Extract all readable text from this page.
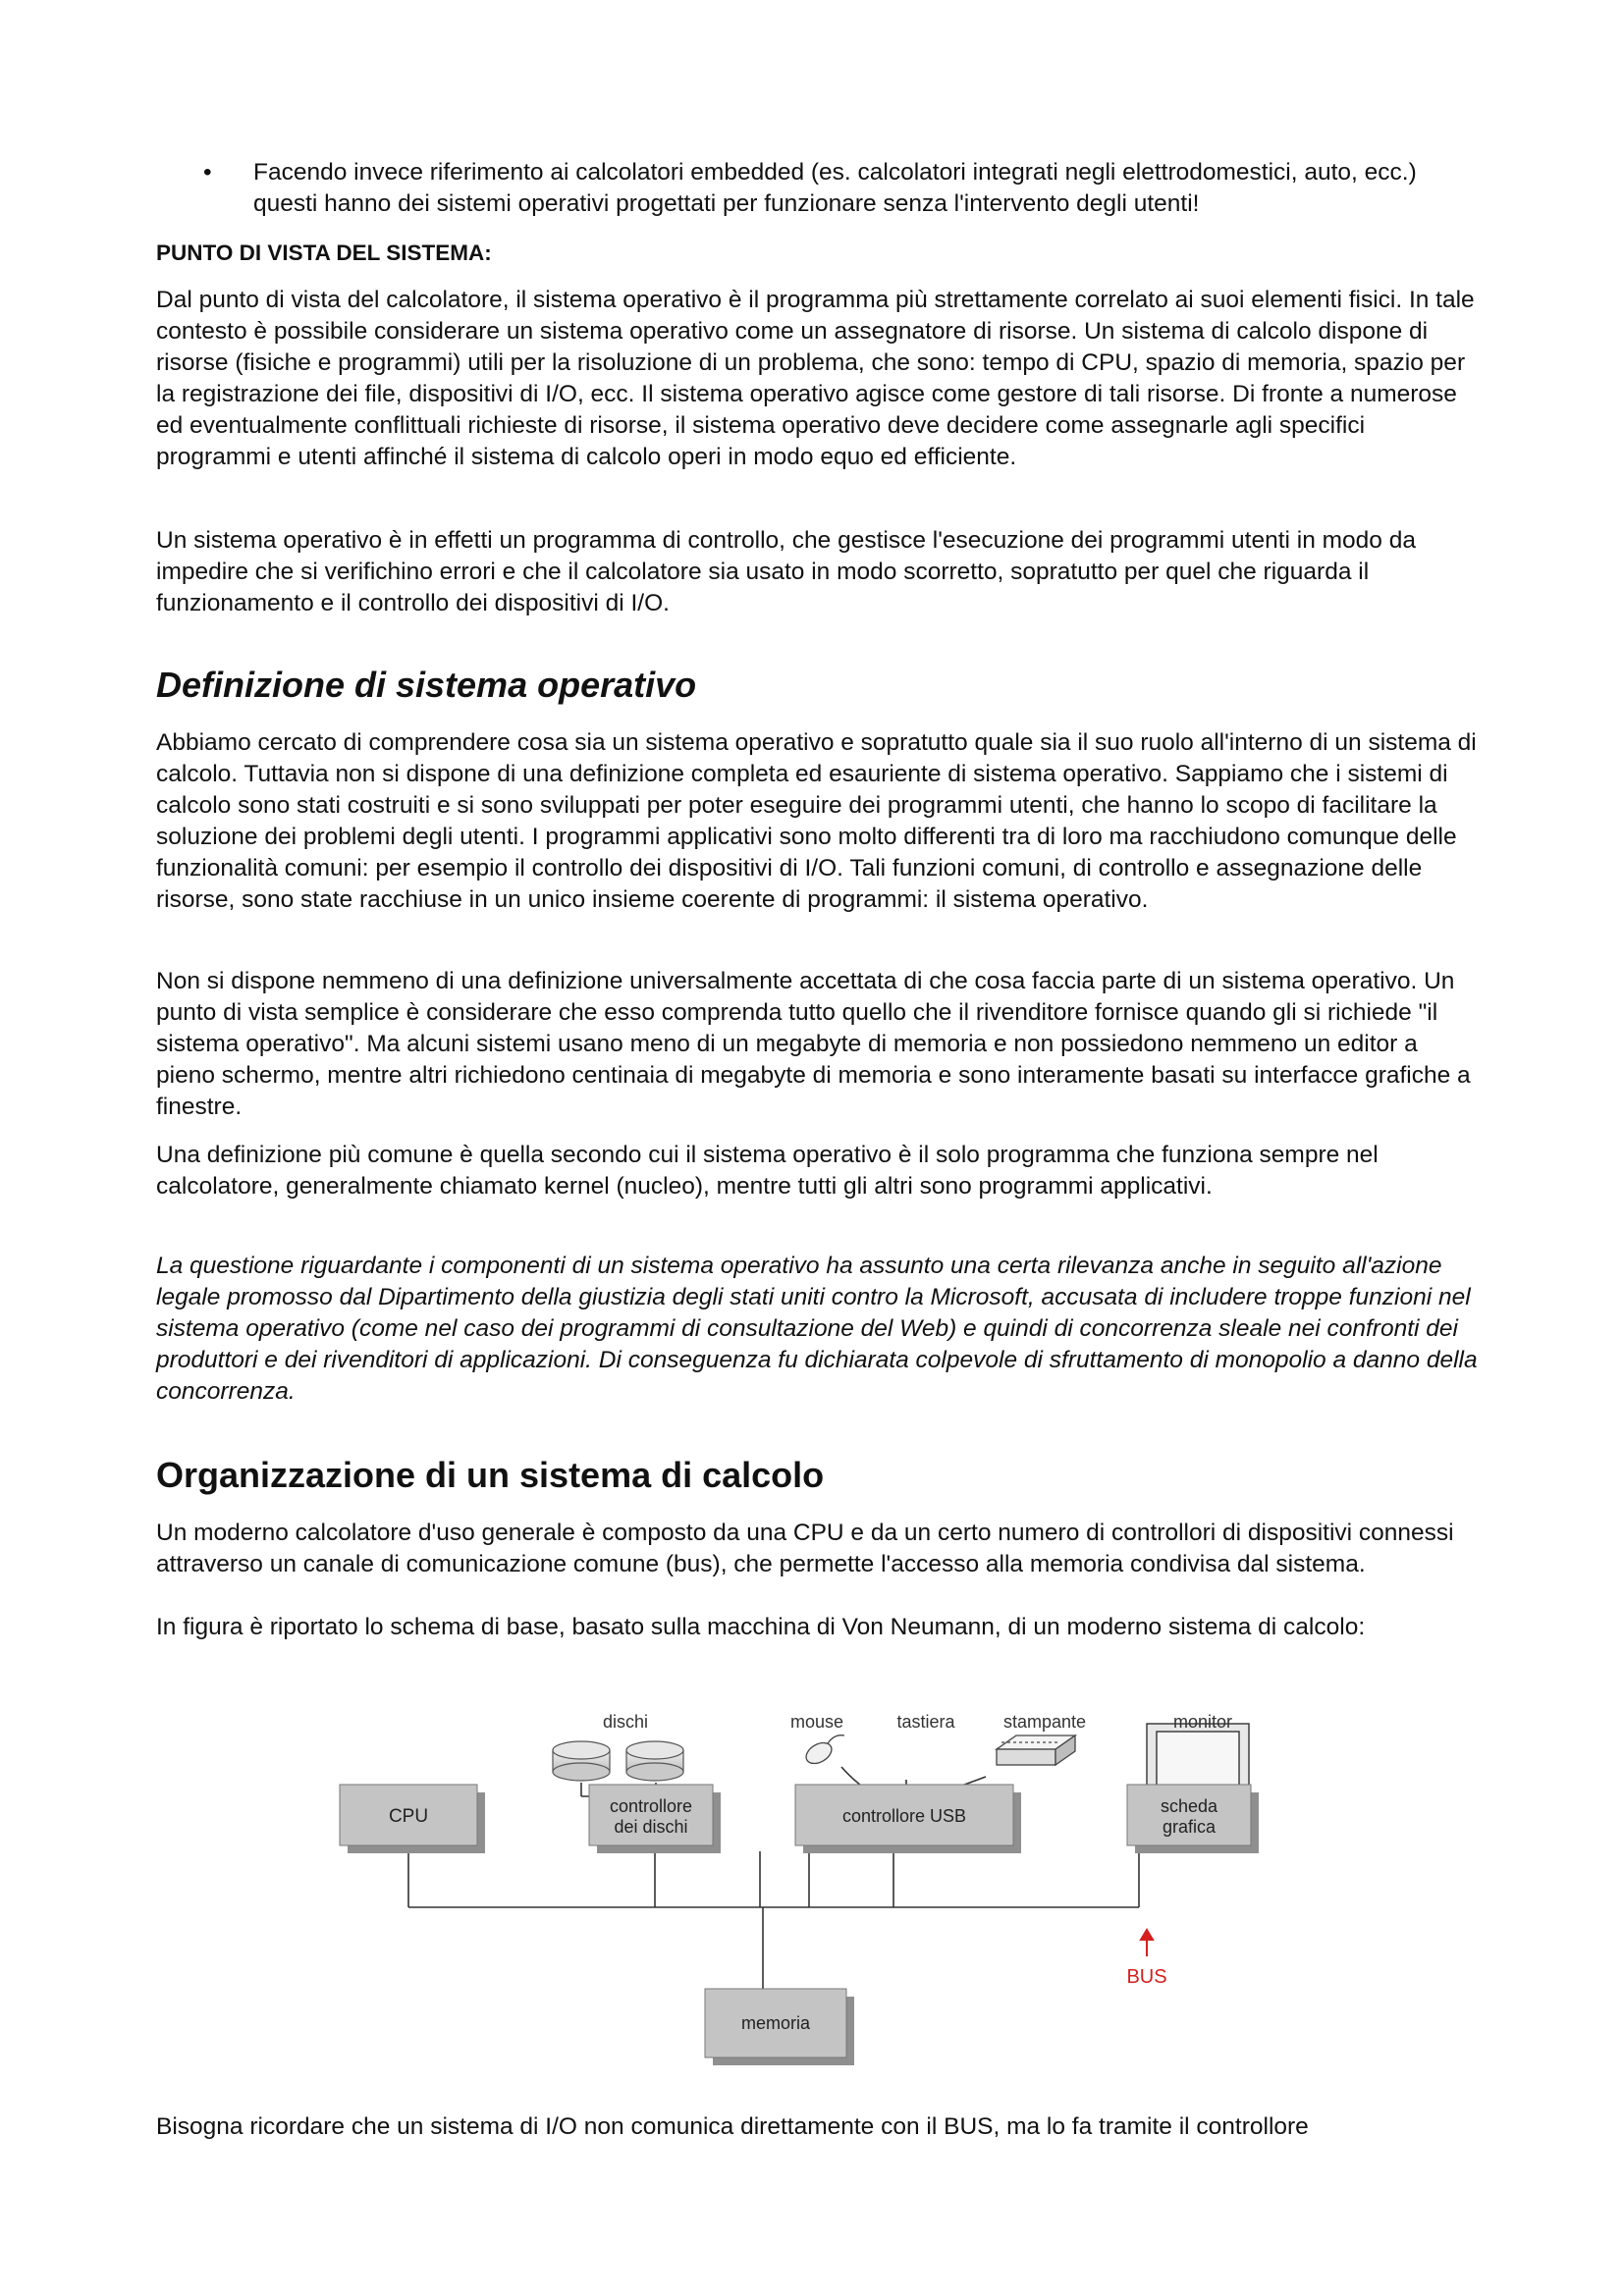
• Facendo invece riferimento ai calcolatori embedded (es. calcolatori integrati negli elettrodomestici, auto, ecc.) questi hanno dei sistemi operativi progettati per funzionare senza l'intervento degli utenti!

PUNTO DI VISTA DEL SISTEMA:

Dal punto di vista del calcolatore, il sistema operativo è il programma più strettamente correlato ai suoi elementi fisici. In tale contesto è possibile considerare un sistema operativo come un assegnatore di risorse. Un sistema di calcolo dispone di risorse (fisiche e programmi) utili per la risoluzione di un problema, che sono: tempo di CPU, spazio di memoria, spazio per la registrazione dei file, dispositivi di I/O, ecc. Il sistema operativo agisce come gestore di tali risorse. Di fronte a numerose ed eventualmente conflittuali richieste di risorse, il sistema operativo deve decidere come assegnarle agli specifici programmi e utenti affinché il sistema di calcolo operi in modo equo ed efficiente.

Un sistema operativo è in effetti un programma di controllo, che gestisce l'esecuzione dei programmi utenti in modo da impedire che si verifichino errori e che il calcolatore sia usato in modo scorretto, sopratutto per quel che riguarda il funzionamento e il controllo dei dispositivi di I/O.

Definizione di sistema operativo

Abbiamo cercato di comprendere cosa sia un sistema operativo e sopratutto quale sia il suo ruolo all'interno di un sistema di calcolo. Tuttavia non si dispone di una definizione completa ed esauriente di sistema operativo. Sappiamo che i sistemi di calcolo sono stati costruiti e si sono sviluppati per poter eseguire dei programmi utenti, che hanno lo scopo di facilitare la soluzione dei problemi degli utenti. I programmi applicativi sono molto differenti tra di loro ma racchiudono comunque delle funzionalità comuni: per esempio il controllo dei dispositivi di I/O. Tali funzioni comuni, di controllo e assegnazione delle risorse, sono state racchiuse in un unico insieme coerente di programmi: il sistema operativo.

Non si dispone nemmeno di una definizione universalmente accettata di che cosa faccia parte di un sistema operativo. Un punto di vista semplice è considerare che esso comprenda tutto quello che il rivenditore fornisce quando gli si richiede "il sistema operativo". Ma alcuni sistemi usano meno di un megabyte di memoria e non possiedono nemmeno un editor a pieno schermo, mentre altri richiedono centinaia di megabyte di memoria e sono interamente basati su interfacce grafiche a finestre.

Una definizione più comune è quella secondo cui il sistema operativo è il solo programma che funziona sempre nel calcolatore, generalmente chiamato kernel (nucleo), mentre tutti gli altri sono programmi applicativi.

La questione riguardante i componenti di un sistema operativo ha assunto una certa rilevanza anche in seguito all'azione legale promosso dal Dipartimento della giustizia degli stati uniti contro la Microsoft, accusata di includere troppe funzioni nel sistema operativo (come nel caso dei programmi di consultazione del Web) e quindi di concorrenza sleale nei confronti dei produttori e dei rivenditori di applicazioni. Di conseguenza fu dichiarata colpevole di sfruttamento di monopolio a danno della concorrenza.

Organizzazione di un sistema di calcolo

Un moderno calcolatore d'uso generale è composto da una CPU e da un certo numero di controllori di dispositivi connessi attraverso un canale di comunicazione comune (bus), che permette l'accesso alla memoria condivisa dal sistema.

In figura è riportato lo schema di base, basato sulla macchina di Von Neumann, di un moderno sistema di calcolo:

dischi	mouse	tastiera	stampante	monitor
CPU	controllore
dei dischi
controllore USB	scheda
grafica
memoria
BUS

Bisogna ricordare che un sistema di I/O non comunica direttamente con il BUS, ma lo fa tramite il controllore
